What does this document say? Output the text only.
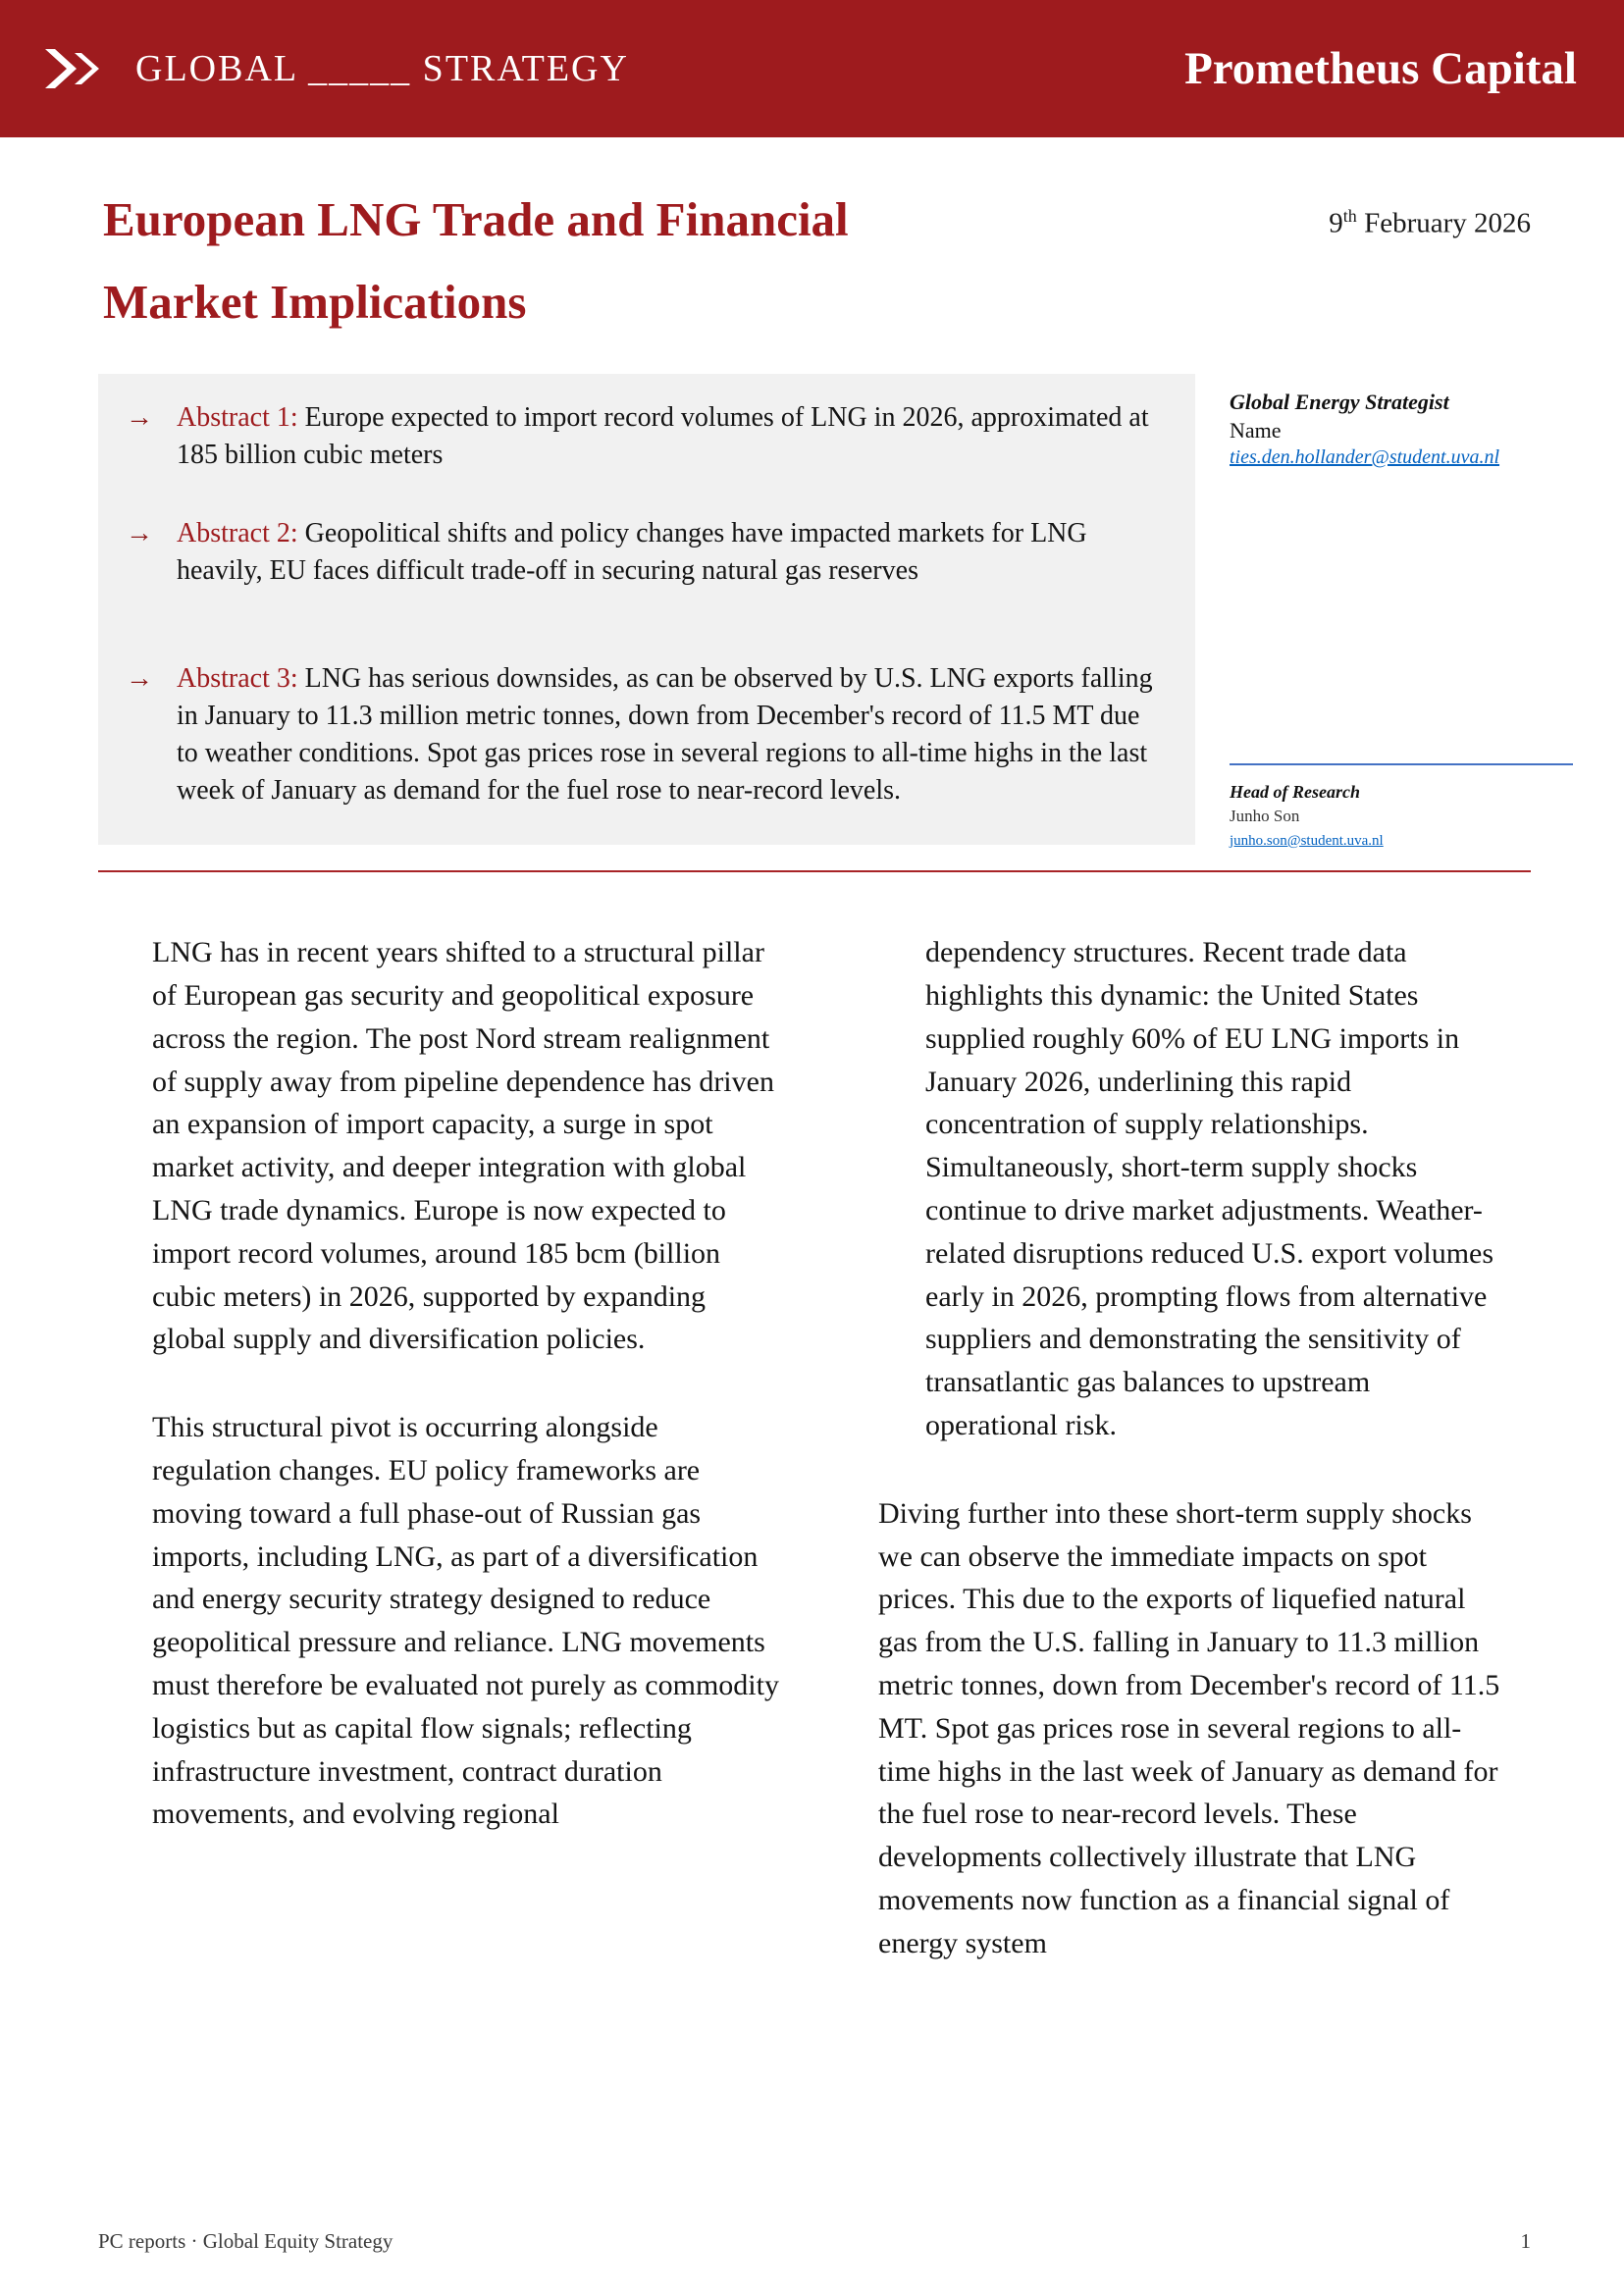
GLOBAL _____ STRATEGY	Prometheus Capital
European LNG Trade and Financial
Market Implications
9th February 2026
→ Abstract 1: Europe expected to import record volumes of LNG in 2026, approximated at 185 billion cubic meters
→ Abstract 2: Geopolitical shifts and policy changes have impacted markets for LNG heavily, EU faces difficult trade-off in securing natural gas reserves
→ Abstract 3: LNG has serious downsides, as can be observed by U.S. LNG exports falling in January to 11.3 million metric tonnes, down from December's record of 11.5 MT due to weather conditions. Spot gas prices rose in several regions to all-time highs in the last week of January as demand for the fuel rose to near-record levels.
Global Energy Strategist
Name
ties.den.hollander@student.uva.nl
Head of Research
Junho Son
junho.son@student.uva.nl

LNG has in recent years shifted to a structural pillar of European gas security and geopolitical exposure across the region. The post Nord stream realignment of supply away from pipeline dependence has driven an expansion of import capacity, a surge in spot market activity, and deeper integration with global LNG trade dynamics. Europe is now expected to import record volumes, around 185 bcm (billion cubic meters) in 2026, supported by expanding global supply and diversification policies.

This structural pivot is occurring alongside regulation changes. EU policy frameworks are moving toward a full phase-out of Russian gas imports, including LNG, as part of a diversification and energy security strategy designed to reduce geopolitical pressure and reliance. LNG movements must therefore be evaluated not purely as commodity logistics but as capital flow signals; reflecting infrastructure investment, contract duration movements, and evolving regional

dependency structures. Recent trade data highlights this dynamic: the United States supplied roughly 60% of EU LNG imports in January 2026, underlining this rapid concentration of supply relationships. Simultaneously, short-term supply shocks continue to drive market adjustments. Weather-related disruptions reduced U.S. export volumes early in 2026, prompting flows from alternative suppliers and demonstrating the sensitivity of transatlantic gas balances to upstream operational risk.

Diving further into these short-term supply shocks we can observe the immediate impacts on spot prices. This due to the exports of liquefied natural gas from the U.S. falling in January to 11.3 million metric tonnes, down from December's record of 11.5 MT. Spot gas prices rose in several regions to all-time highs in the last week of January as demand for the fuel rose to near-record levels. These developments collectively illustrate that LNG movements now function as a financial signal of energy system

PC reports · Global Equity Strategy	1
